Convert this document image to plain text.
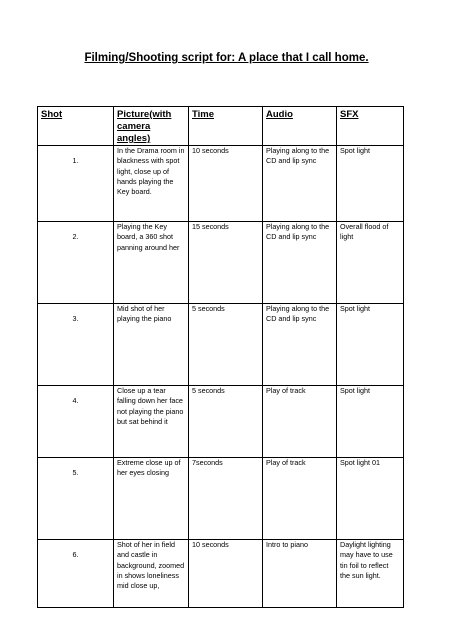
Filming/Shooting script for: A place that I call home.
Shot	Picture(with camera angles)	Time	Audio	SFX

1.	In the Drama room in blackness with spot light, close up of hands playing the Key board.	10 seconds	Playing along to the CD and lip sync	Spot light

2.	Playing the Key board, a 360 shot panning around her	15 seconds	Playing along to the CD and lip sync	Overall flood of light

3.	Mid shot of her playing the piano	5 seconds	Playing along to the CD and lip sync	Spot light

4.	Close up a tear falling down her face not playing the piano but sat behind it	5 seconds	Play of track	Spot light

5.	Extreme close up of her eyes closing	7seconds	Play of track	Spot light 01

6.	Shot of her in field and castle in background, zoomed in shows loneliness mid close up,	10 seconds	Intro to piano	Daylight lighting may have to use tin foil to reflect the sun light.
